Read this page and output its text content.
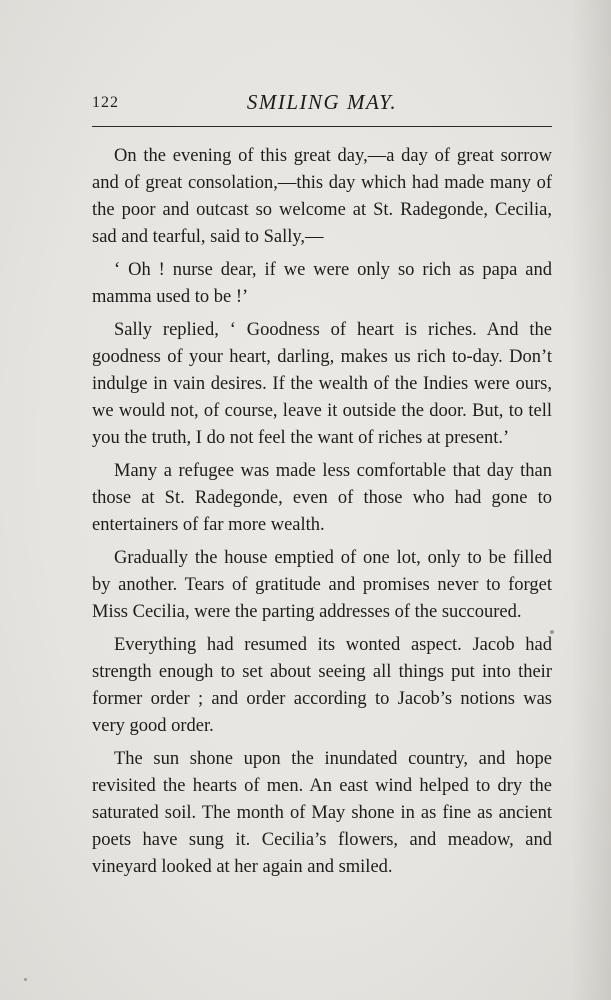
122	SMILING MAY.

On the evening of this great day,—a day of great sorrow and of great consolation,—this day which had made many of the poor and outcast so welcome at St. Radegonde, Cecilia, sad and tearful, said to Sally,—

‘ Oh ! nurse dear, if we were only so rich as papa and mamma used to be !’

Sally replied, ‘ Goodness of heart is riches. And the goodness of your heart, darling, makes us rich to-day. Don’t indulge in vain desires. If the wealth of the Indies were ours, we would not, of course, leave it outside the door. But, to tell you the truth, I do not feel the want of riches at present.’

Many a refugee was made less comfortable that day than those at St. Radegonde, even of those who had gone to entertainers of far more wealth.

Gradually the house emptied of one lot, only to be filled by another. Tears of gratitude and promises never to forget Miss Cecilia, were the parting addresses of the succoured.

Everything had resumed its wonted aspect. Jacob had strength enough to set about seeing all things put into their former order ; and order according to Jacob’s notions was very good order.

The sun shone upon the inundated country, and hope revisited the hearts of men. An east wind helped to dry the saturated soil. The month of May shone in as fine as ancient poets have sung it. Cecilia’s flowers, and meadow, and vineyard looked at her again and smiled.
